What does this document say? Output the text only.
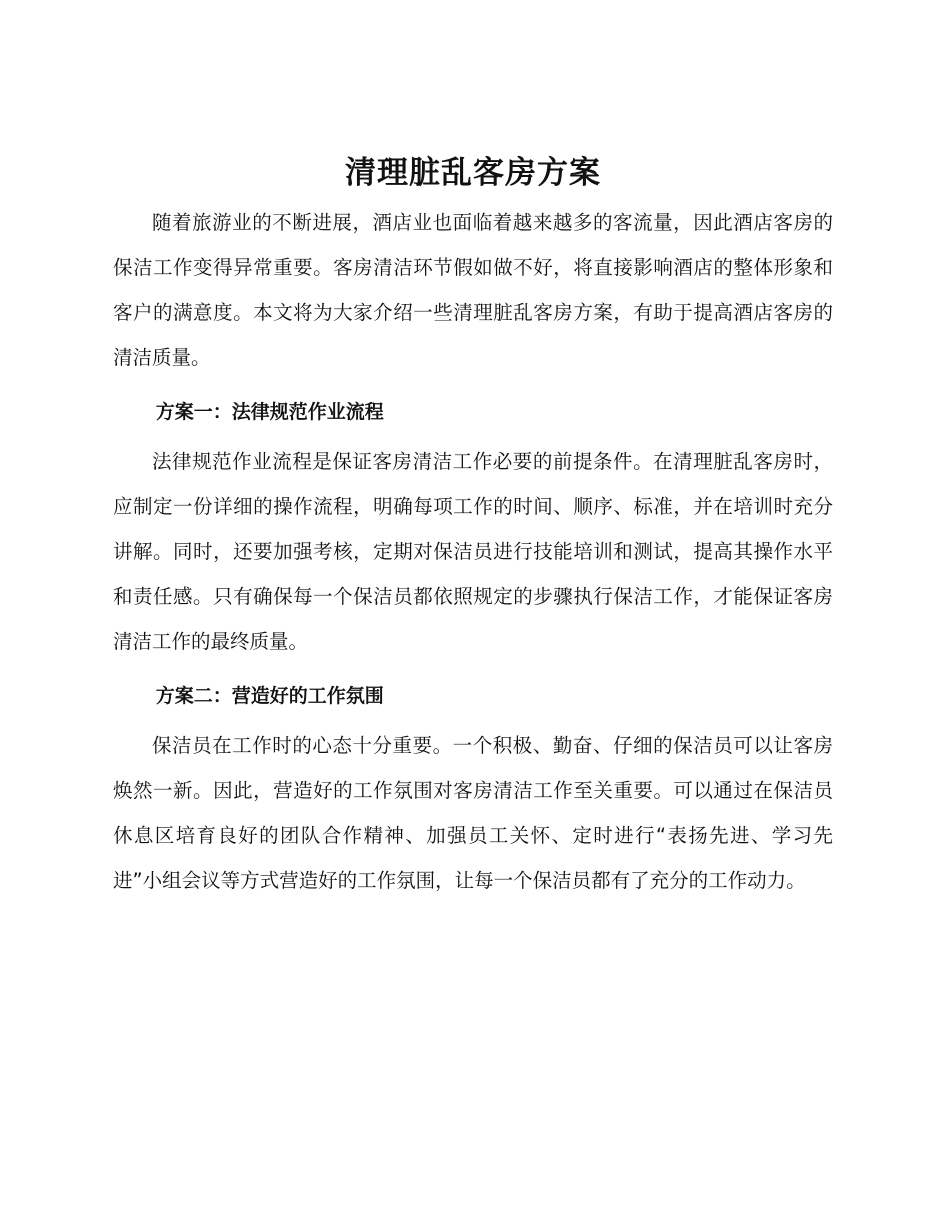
清理脏乱客房方案

随着旅游业的不断进展，酒店业也面临着越来越多的客流量，因此酒店客房的保洁工作变得异常重要。客房清洁环节假如做不好，将直接影响酒店的整体形象和客户的满意度。本文将为大家介绍一些清理脏乱客房方案，有助于提高酒店客房的清洁质量。

方案一：法律规范作业流程

法律规范作业流程是保证客房清洁工作必要的前提条件。在清理脏乱客房时，应制定一份详细的操作流程，明确每项工作的时间、顺序、标准，并在培训时充分讲解。同时，还要加强考核，定期对保洁员进行技能培训和测试，提高其操作水平和责任感。只有确保每一个保洁员都依照规定的步骤执行保洁工作，才能保证客房清洁工作的最终质量。

方案二：营造好的工作氛围

保洁员在工作时的心态十分重要。一个积极、勤奋、仔细的保洁员可以让客房焕然一新。因此，营造好的工作氛围对客房清洁工作至关重要。可以通过在保洁员休息区培育良好的团队合作精神、加强员工关怀、定时进行“表扬先进、学习先进”小组会议等方式营造好的工作氛围，让每一个保洁员都有了充分的工作动力。
